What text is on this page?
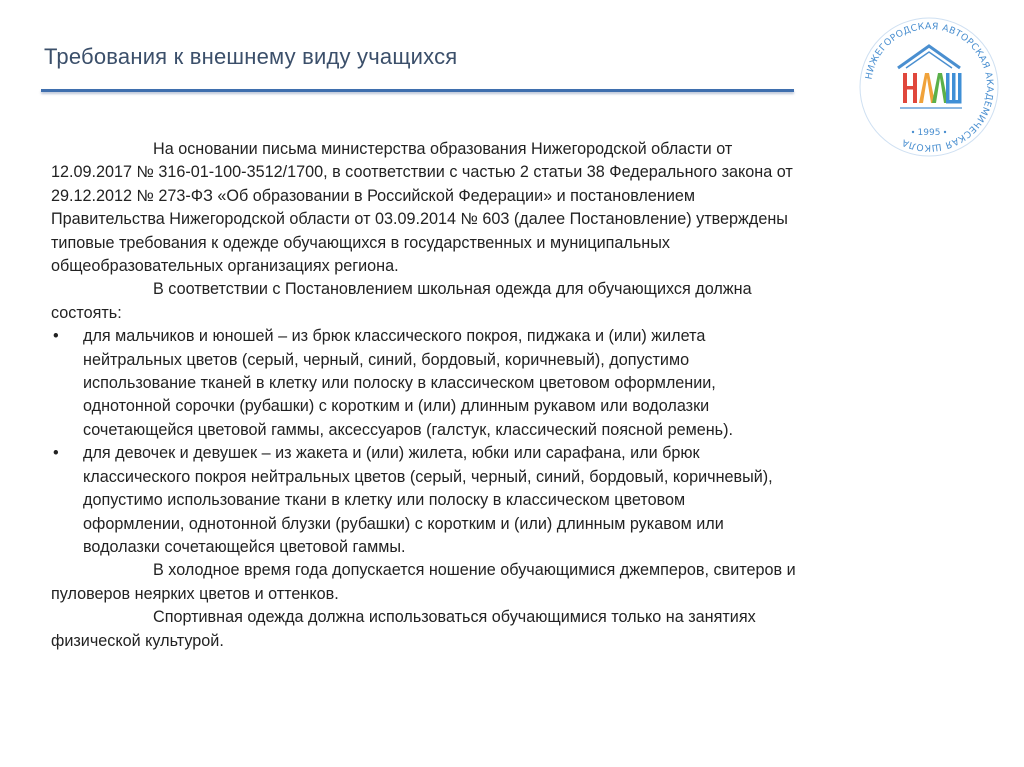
Требования к внешнему виду учащихся
НИЖЕГОРОДСКАЯ АВТОРСКАЯ АКАДЕМИЧЕСКАЯ ШКОЛА
1995

На основании письма министерства образования Нижегородской области от
12.09.2017 № 316-01-100-3512/1700, в соответствии с частью 2 статьи 38 Федерального закона от
29.12.2012 № 273-ФЗ «Об образовании в Российской Федерации» и постановлением
Правительства Нижегородской области от 03.09.2014 № 603 (далее Постановление) утверждены
типовые требования к одежде обучающихся в государственных и муниципальных
общеобразовательных организациях региона.

В соответствии с Постановлением школьная одежда для обучающихся должна
состоять:

•	для мальчиков и юношей – из брюк классического покроя, пиджака и (или) жилета
нейтральных цветов (серый, черный, синий, бордовый, коричневый), допустимо
использование тканей в клетку или полоску в классическом цветовом оформлении,
однотонной сорочки (рубашки) с коротким и (или) длинным рукавом или водолазки
сочетающейся цветовой гаммы, аксессуаров (галстук, классический поясной ремень).
•	для девочек и девушек – из жакета и (или) жилета, юбки или сарафана, или брюк
классического покроя нейтральных цветов (серый, черный, синий, бордовый, коричневый),
допустимо использование ткани в клетку или полоску в классическом цветовом
оформлении, однотонной блузки (рубашки) с коротким и (или) длинным рукавом или
водолазки сочетающейся цветовой гаммы.

В холодное время года допускается ношение обучающимися джемперов, свитеров и
пуловеров неярких цветов и оттенков.

Спортивная одежда должна использоваться обучающимися только на занятиях
физической культурой.
